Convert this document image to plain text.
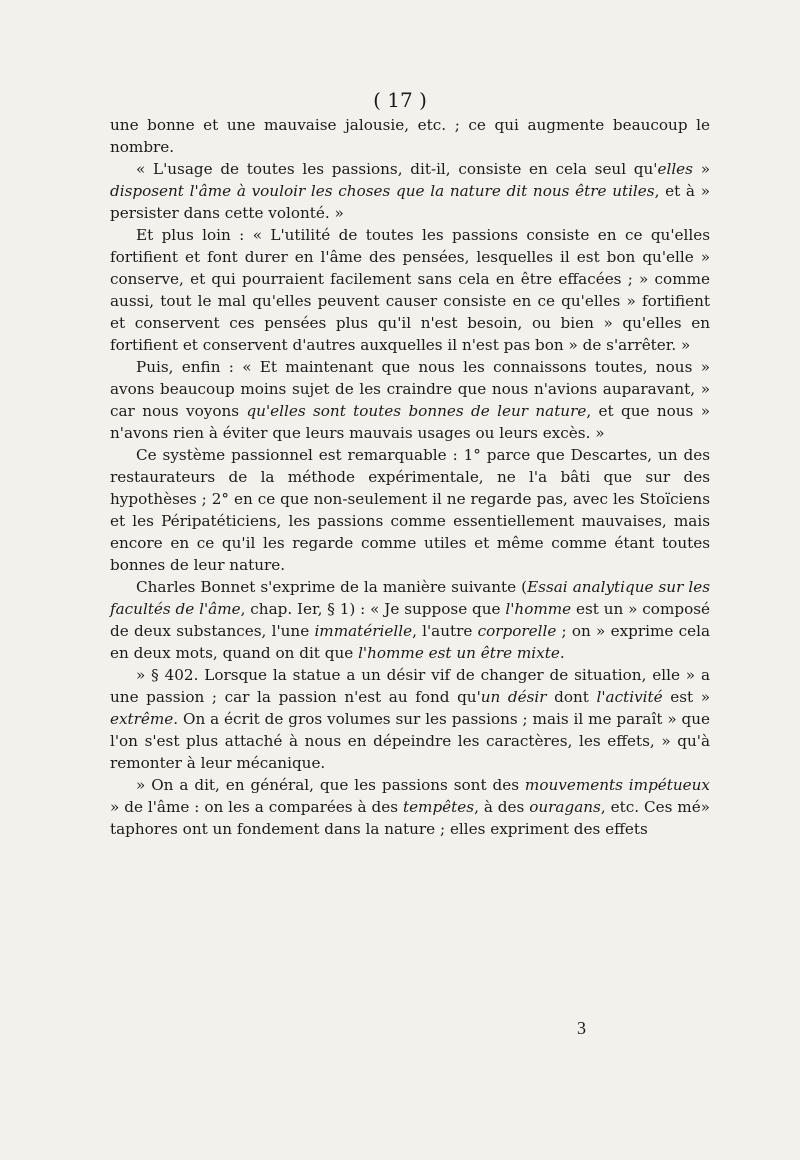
( 17 )

une bonne et une mauvaise jalousie, etc. ; ce qui augmente beaucoup le nombre.

« L'usage de toutes les passions, dit-il, consiste en cela seul qu'elles » disposent l'âme à vouloir les choses que la nature dit nous être utiles, et à » persister dans cette volonté. »

Et plus loin : « L'utilité de toutes les passions consiste en ce qu'elles fortifient et font durer en l'âme des pensées, lesquelles il est bon qu'elle » conserve, et qui pourraient facilement sans cela en être effacées ; » comme aussi, tout le mal qu'elles peuvent causer consiste en ce qu'elles » fortifient et conservent ces pensées plus qu'il n'est besoin, ou bien » qu'elles en fortifient et conservent d'autres auxquelles il n'est pas bon » de s'arrêter. »

Puis, enfin : « Et maintenant que nous les connaissons toutes, nous » avons beaucoup moins sujet de les craindre que nous n'avions auparavant, » car nous voyons qu'elles sont toutes bonnes de leur nature, et que nous » n'avons rien à éviter que leurs mauvais usages ou leurs excès. »

Ce système passionnel est remarquable : 1° parce que Descartes, un des restaurateurs de la méthode expérimentale, ne l'a bâti que sur des hypothèses ; 2° en ce que non-seulement il ne regarde pas, avec les Stoïciens et les Péripatéticiens, les passions comme essentiellement mauvaises, mais encore en ce qu'il les regarde comme utiles et même comme étant toutes bonnes de leur nature.

Charles Bonnet s'exprime de la manière suivante (Essai analytique sur les facultés de l'âme, chap. Ier, § 1) : « Je suppose que l'homme est un » composé de deux substances, l'une immatérielle, l'autre corporelle ; on » exprime cela en deux mots, quand on dit que l'homme est un être mixte.

» § 402. Lorsque la statue a un désir vif de changer de situation, elle » a une passion ; car la passion n'est au fond qu'un désir dont l'activité est » extrême. On a écrit de gros volumes sur les passions ; mais il me paraît » que l'on s'est plus attaché à nous en dépeindre les caractères, les effets, » qu'à remonter à leur mécanique.

» On a dit, en général, que les passions sont des mouvements impétueux » de l'âme : on les a comparées à des tempêtes, à des ouragans, etc. Ces mé» taphores ont un fondement dans la nature ; elles expriment des effets

3
